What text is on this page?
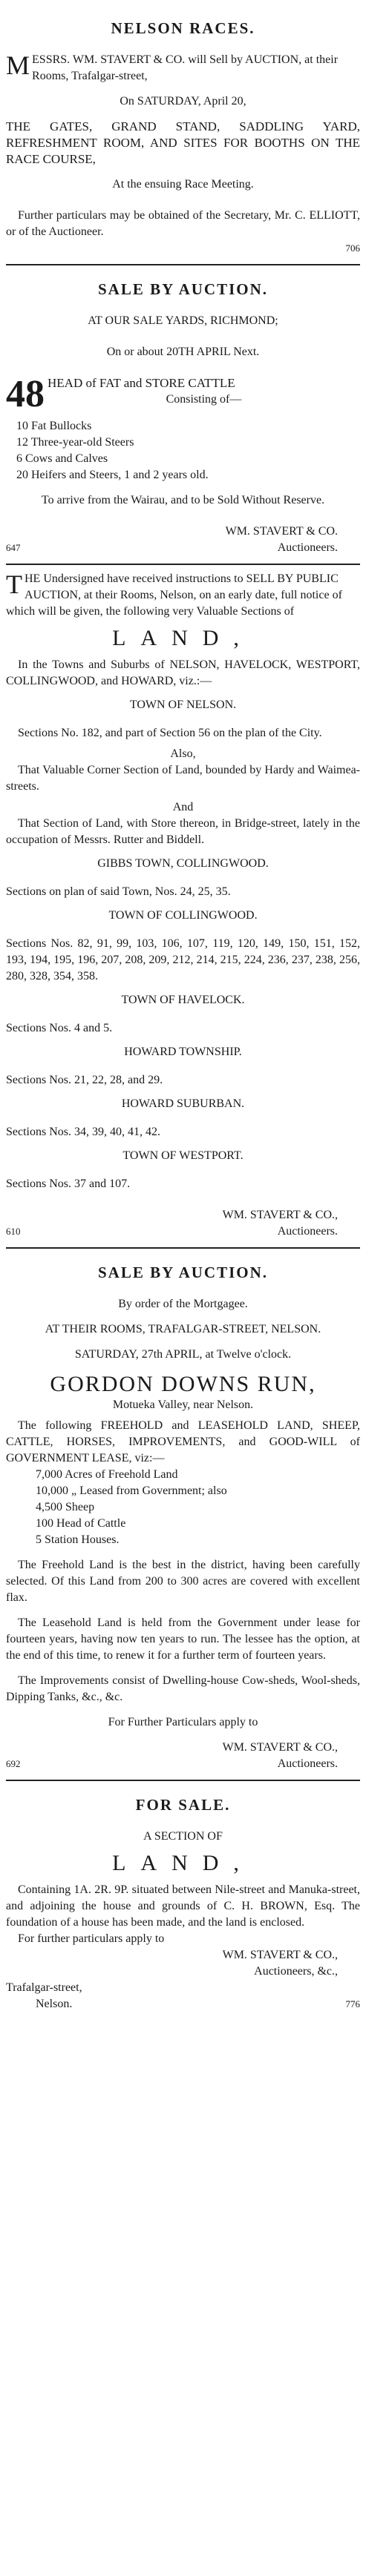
NELSON RACES.

M ESSRS. WM. STAVERT & CO. will Sell by AUCTION, at their Rooms, Trafalgar-street,

On SATURDAY, April 20,

THE GATES, GRAND STAND, SADDLING YARD, REFRESHMENT ROOM, AND SITES FOR BOOTHS ON THE RACE COURSE,

At the ensuing Race Meeting.

Further particulars may be obtained of the Secretary, Mr. C. ELLIOTT, or of the Auctioneer.

706

SALE BY AUCTION.

AT OUR SALE YARDS, RICHMOND;

On or about 20TH APRIL Next.

48 HEAD of FAT and STORE CATTLE
Consisting of—
10 Fat Bullocks
12 Three-year-old Steers
6 Cows and Calves
20 Heifers and Steers, 1 and 2 years old.

To arrive from the Wairau, and to be Sold Without Reserve.

WM. STAVERT & CO.

647	Auctioneers.
T HE Undersigned have received instructions to SELL BY PUBLIC AUCTION, at their Rooms, Nelson, on an early date, full notice of which will be given, the following very Valuable Sections of

LAND,

In the Towns and Suburbs of NELSON, HAVELOCK, WESTPORT, COLLINGWOOD, and HOWARD, viz.:—

TOWN OF NELSON.

Sections No. 182, and part of Section 56 on the plan of the City.

Also,

That Valuable Corner Section of Land, bounded by Hardy and Waimea-streets.

And

That Section of Land, with Store thereon, in Bridge-street, lately in the occupation of Messrs. Rutter and Biddell.

GIBBS TOWN, COLLINGWOOD.

Sections on plan of said Town, Nos. 24, 25, 35.

TOWN OF COLLINGWOOD.

Sections Nos. 82, 91, 99, 103, 106, 107, 119, 120, 149, 150, 151, 152, 193, 194, 195, 196, 207, 208, 209, 212, 214, 215, 224, 236, 237, 238, 256, 280, 328, 354, 358.

TOWN OF HAVELOCK.

Sections Nos. 4 and 5.

HOWARD TOWNSHIP.

Sections Nos. 21, 22, 28, and 29.

HOWARD SUBURBAN.

Sections Nos. 34, 39, 40, 41, 42.

TOWN OF WESTPORT.

Sections Nos. 37 and 107.

WM. STAVERT & CO.,

610	Auctioneers.

SALE BY AUCTION.

By order of the Mortgagee.

AT THEIR ROOMS, TRAFALGAR-STREET, NELSON.

SATURDAY, 27th APRIL, at Twelve o'clock.

GORDON DOWNS RUN,

Motueka Valley, near Nelson.

The following FREEHOLD and LEASEHOLD LAND, SHEEP, CATTLE, HORSES, IMPROVEMENTS, and GOOD-WILL of GOVERNMENT LEASE, viz:—

7,000 Acres of Freehold Land
10,000 „ Leased from Government; also
4,500 Sheep
100 Head of Cattle
5 Station Houses.

The Freehold Land is the best in the district, having been carefully selected. Of this Land from 200 to 300 acres are covered with excellent flax.

The Leasehold Land is held from the Government under lease for fourteen years, having now ten years to run. The lessee has the option, at the end of this time, to renew it for a further term of fourteen years.

The Improvements consist of Dwelling-house Cow-sheds, Wool-sheds, Dipping Tanks, &c., &c.

For Further Particulars apply to

WM. STAVERT & CO.,

692	Auctioneers.

FOR SALE.

A SECTION OF

LAND,

Containing 1A. 2R. 9P. situated between Nile-street and Manuka-street, and adjoining the house and grounds of C. H. BROWN, Esq. The foundation of a house has been made, and the land is enclosed.

For further particulars apply to

WM. STAVERT & CO.,

Auctioneers, &c.,

Trafalgar-street,

Nelson.	776
